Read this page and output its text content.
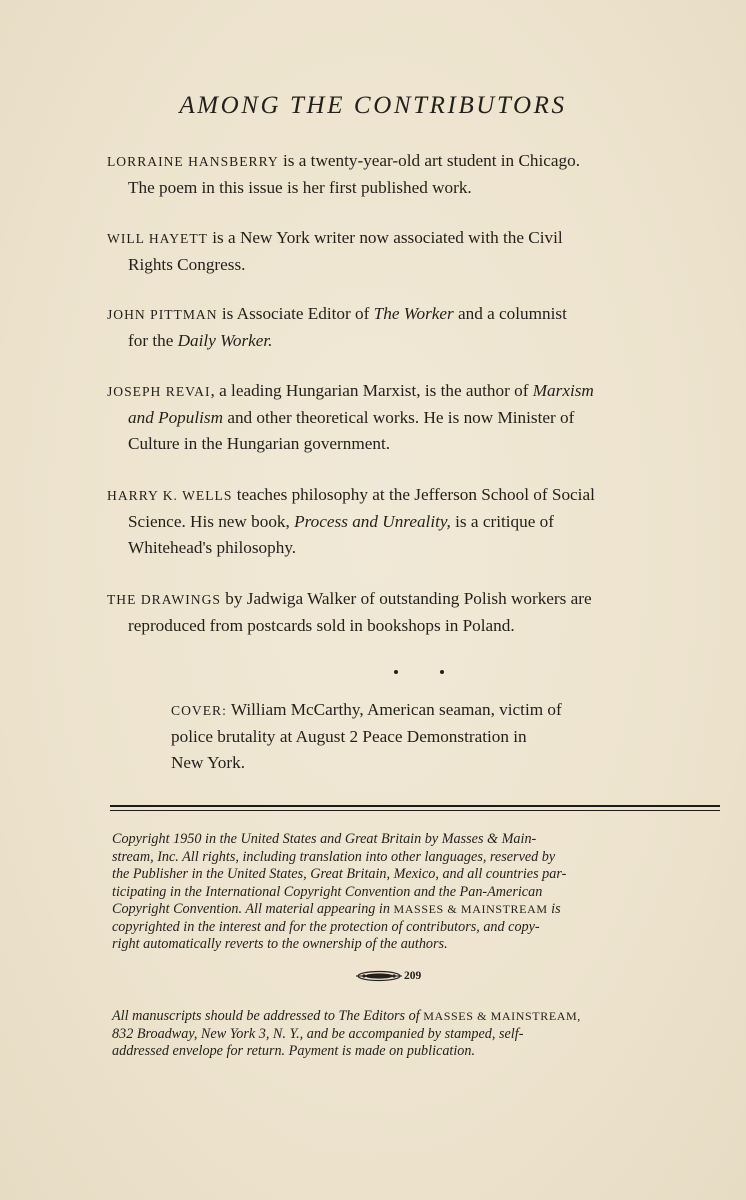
AMONG THE CONTRIBUTORS

LORRAINE HANSBERRY is a twenty-year-old art student in Chicago.
The poem in this issue is her first published work.

WILL HAYETT is a New York writer now associated with the Civil
Rights Congress.

JOHN PITTMAN is Associate Editor of The Worker and a columnist
for the Daily Worker.

JOSEPH REVAI, a leading Hungarian Marxist, is the author of Marxism
and Populism and other theoretical works. He is now Minister of
Culture in the Hungarian government.

HARRY K. WELLS teaches philosophy at the Jefferson School of Social
Science. His new book, Process and Unreality, is a critique of
Whitehead's philosophy.

THE DRAWINGS by Jadwiga Walker of outstanding Polish workers are
reproduced from postcards sold in bookshops in Poland.

COVER: William McCarthy, American seaman, victim of
police brutality at August 2 Peace Demonstration in
New York.

Copyright 1950 in the United States and Great Britain by Masses & Main-
stream, Inc. All rights, including translation into other languages, reserved by
the Publisher in the United States, Great Britain, Mexico, and all countries par-
ticipating in the International Copyright Convention and the Pan-American
Copyright Convention. All material appearing in MASSES & MAINSTREAM is
copyrighted in the interest and for the protection of contributors, and copy-
right automatically reverts to the ownership of the authors.

209

All manuscripts should be addressed to The Editors of MASSES & MAINSTREAM,
832 Broadway, New York 3, N. Y., and be accompanied by stamped, self-
addressed envelope for return. Payment is made on publication.
